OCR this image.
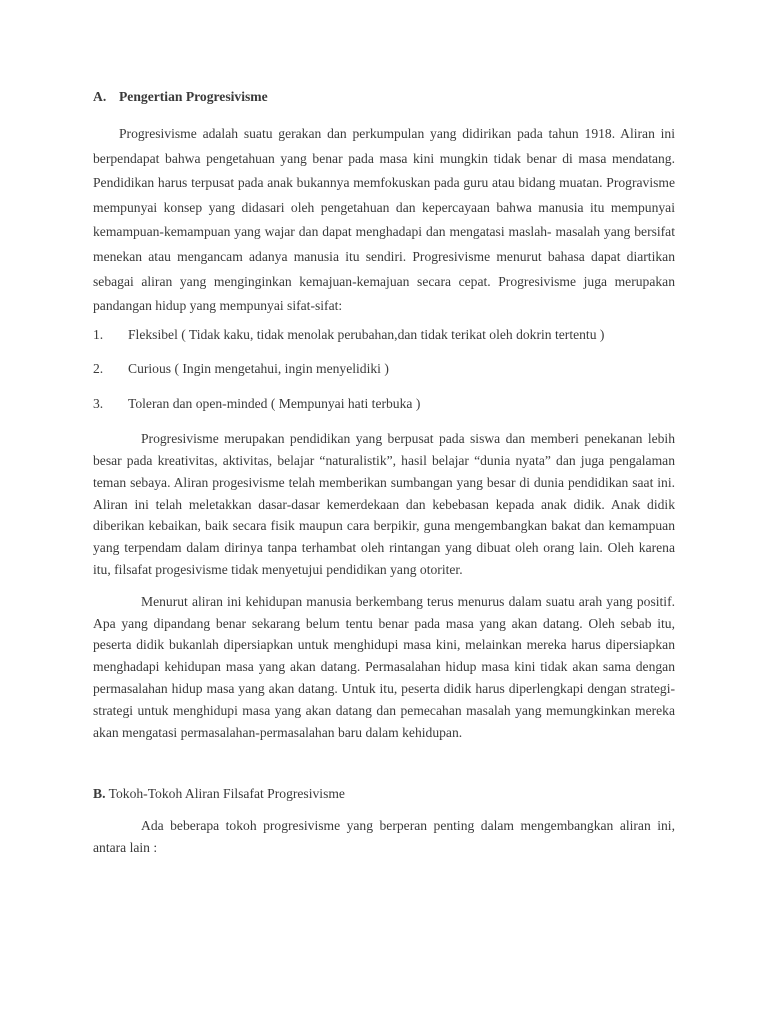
A. Pengertian Progresivisme

Progresivisme adalah suatu gerakan dan perkumpulan yang didirikan pada tahun 1918. Aliran ini berpendapat bahwa pengetahuan yang benar pada masa kini mungkin tidak benar di masa mendatang. Pendidikan harus terpusat pada anak bukannya memfokuskan pada guru atau bidang muatan. Progravisme mempunyai konsep yang didasari oleh pengetahuan dan kepercayaan bahwa manusia itu mempunyai kemampuan-kemampuan yang wajar dan dapat menghadapi dan mengatasi maslah- masalah yang bersifat menekan atau mengancam adanya manusia itu sendiri. Progresivisme menurut bahasa dapat diartikan sebagai aliran yang menginginkan kemajuan-kemajuan secara cepat. Progresivisme juga merupakan pandangan hidup yang mempunyai sifat-sifat:

1.	Fleksibel ( Tidak kaku, tidak menolak perubahan,dan tidak terikat oleh dokrin tertentu )
2.	Curious ( Ingin mengetahui, ingin menyelidiki )
3.	Toleran dan open-minded ( Mempunyai hati terbuka )

Progresivisme merupakan pendidikan yang berpusat pada siswa dan memberi penekanan lebih besar pada kreativitas, aktivitas, belajar “naturalistik”, hasil belajar “dunia nyata” dan juga pengalaman teman sebaya. Aliran progesivisme telah memberikan sumbangan yang besar di dunia pendidikan saat ini. Aliran ini telah meletakkan dasar-dasar kemerdekaan dan kebebasan kepada anak didik. Anak didik diberikan kebaikan, baik secara fisik maupun cara berpikir, guna mengembangkan bakat dan kemampuan yang terpendam dalam dirinya tanpa terhambat oleh rintangan yang dibuat oleh orang lain. Oleh karena itu, filsafat progesivisme tidak menyetujui pendidikan yang otoriter.

Menurut aliran ini kehidupan manusia berkembang terus menurus dalam suatu arah yang positif. Apa yang dipandang benar sekarang belum tentu benar pada masa yang akan datang. Oleh sebab itu, peserta didik bukanlah dipersiapkan untuk menghidupi masa kini, melainkan mereka harus dipersiapkan menghadapi kehidupan masa yang akan datang. Permasalahan hidup masa kini tidak akan sama dengan permasalahan hidup masa yang akan datang. Untuk itu, peserta didik harus diperlengkapi dengan strategi-strategi untuk menghidupi masa yang akan datang dan pemecahan masalah yang memungkinkan mereka akan mengatasi permasalahan-permasalahan baru dalam kehidupan.

B. Tokoh-Tokoh Aliran Filsafat Progresivisme

Ada beberapa tokoh progresivisme yang berperan penting dalam mengembangkan aliran ini, antara lain :
